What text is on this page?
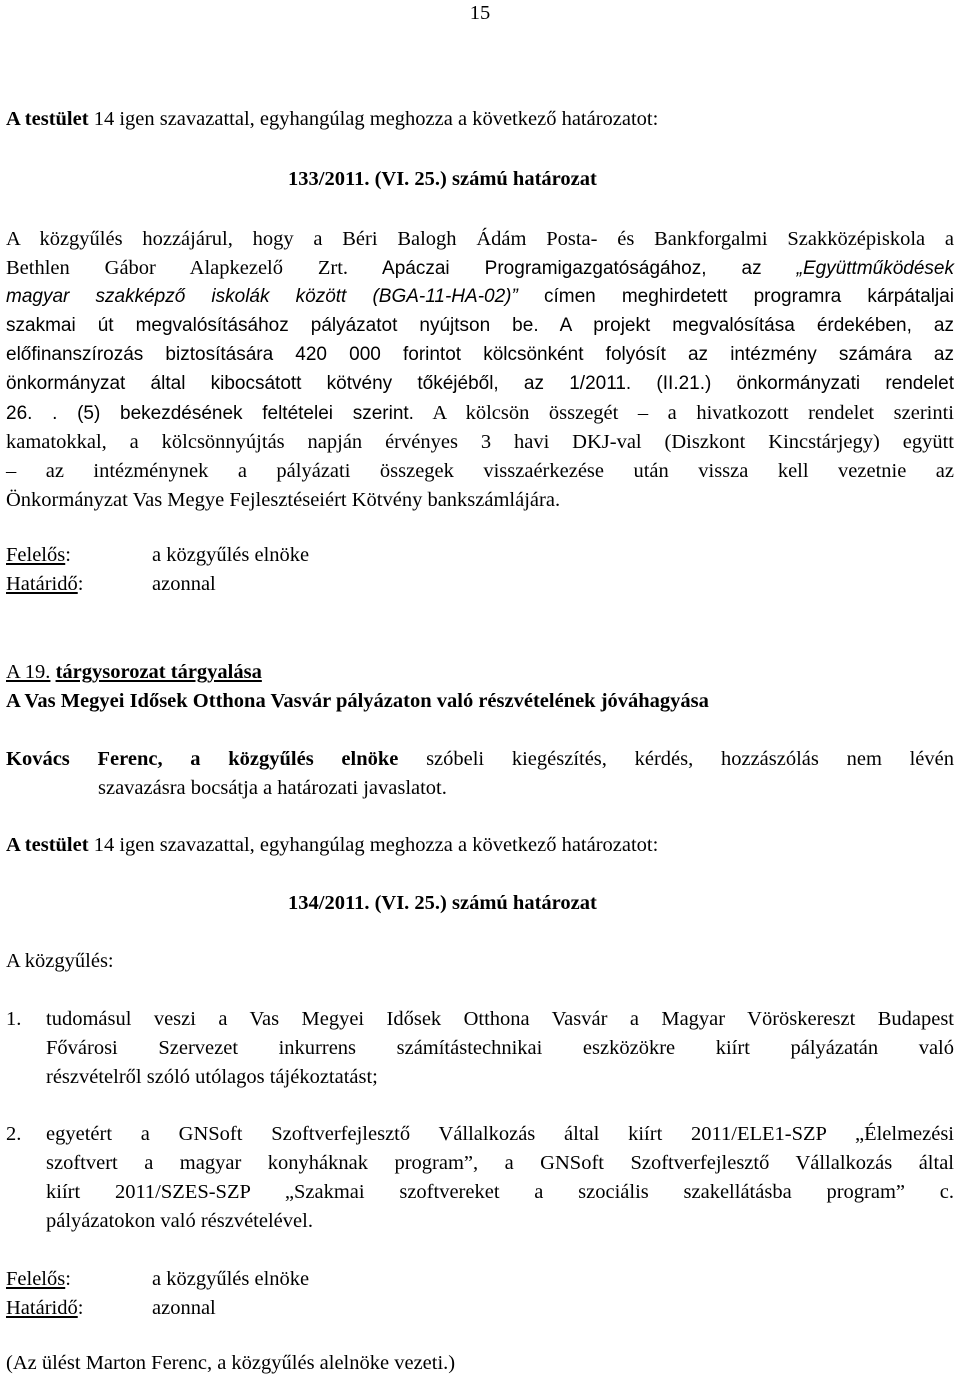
15
A testület 14 igen szavazattal, egyhangúlag meghozza a következő határozatot:
133/2011. (VI. 25.) számú határozat
A közgyűlés hozzájárul, hogy a Béri Balogh Ádám Posta- és Bankforgalmi Szakközépiskola a
Bethlen Gábor Alapkezelő Zrt. Apáczai Programigazgatóságához, az „Együttműködések
magyar szakképző iskolák között (BGA-11-HA-02)” címen meghirdetett programra kárpátaljai
szakmai út megvalósításához pályázatot nyújtson be. A projekt megvalósítása érdekében, az
előfinanszírozás biztosítására 420 000 forintot kölcsönként folyósít az intézmény számára az
önkormányzat által kibocsátott kötvény tőkéjéből, az 1/2011. (II.21.) önkormányzati rendelet
26. . (5) bekezdésének feltételei szerint. A kölcsön összegét – a hivatkozott rendelet szerinti
kamatokkal, a kölcsönnyújtás napján érvényes 3 havi DKJ-val (Diszkont Kincstárjegy) együtt
– az intézménynek a pályázati összegek visszaérkezése után vissza kell vezetnie az
Önkormányzat Vas Megye Fejlesztéseiért Kötvény bankszámlájára.
Felelős:	a közgyűlés elnöke
Határidő:	azonnal
A 19. tárgysorozat tárgyalása
A Vas Megyei Idősek Otthona Vasvár pályázaton való részvételének jóváhagyása
Kovács Ferenc, a közgyűlés elnöke szóbeli kiegészítés, kérdés, hozzászólás nem lévén
szavazásra bocsátja a határozati javaslatot.
A testület 14 igen szavazattal, egyhangúlag meghozza a következő határozatot:
134/2011. (VI. 25.) számú határozat
A közgyűlés:
1. tudomásul veszi a Vas Megyei Idősek Otthona Vasvár a Magyar Vöröskereszt Budapest
Fővárosi Szervezet inkurrens számítástechnikai eszközökre kiírt pályázatán való
részvételről szóló utólagos tájékoztatást;
2. egyetért a GNSoft Szoftverfejlesztő Vállalkozás által kiírt 2011/ELE1-SZP „Élelmezési
szoftvert a magyar konyháknak program”, a GNSoft Szoftverfejlesztő Vállalkozás által
kiírt 2011/SZES-SZP „Szakmai szoftvereket a szociális szakellátásba program” c.
pályázatokon való részvételével.
Felelős:	a közgyűlés elnöke
Határidő:	azonnal
(Az ülést Marton Ferenc, a közgyűlés alelnöke vezeti.)
